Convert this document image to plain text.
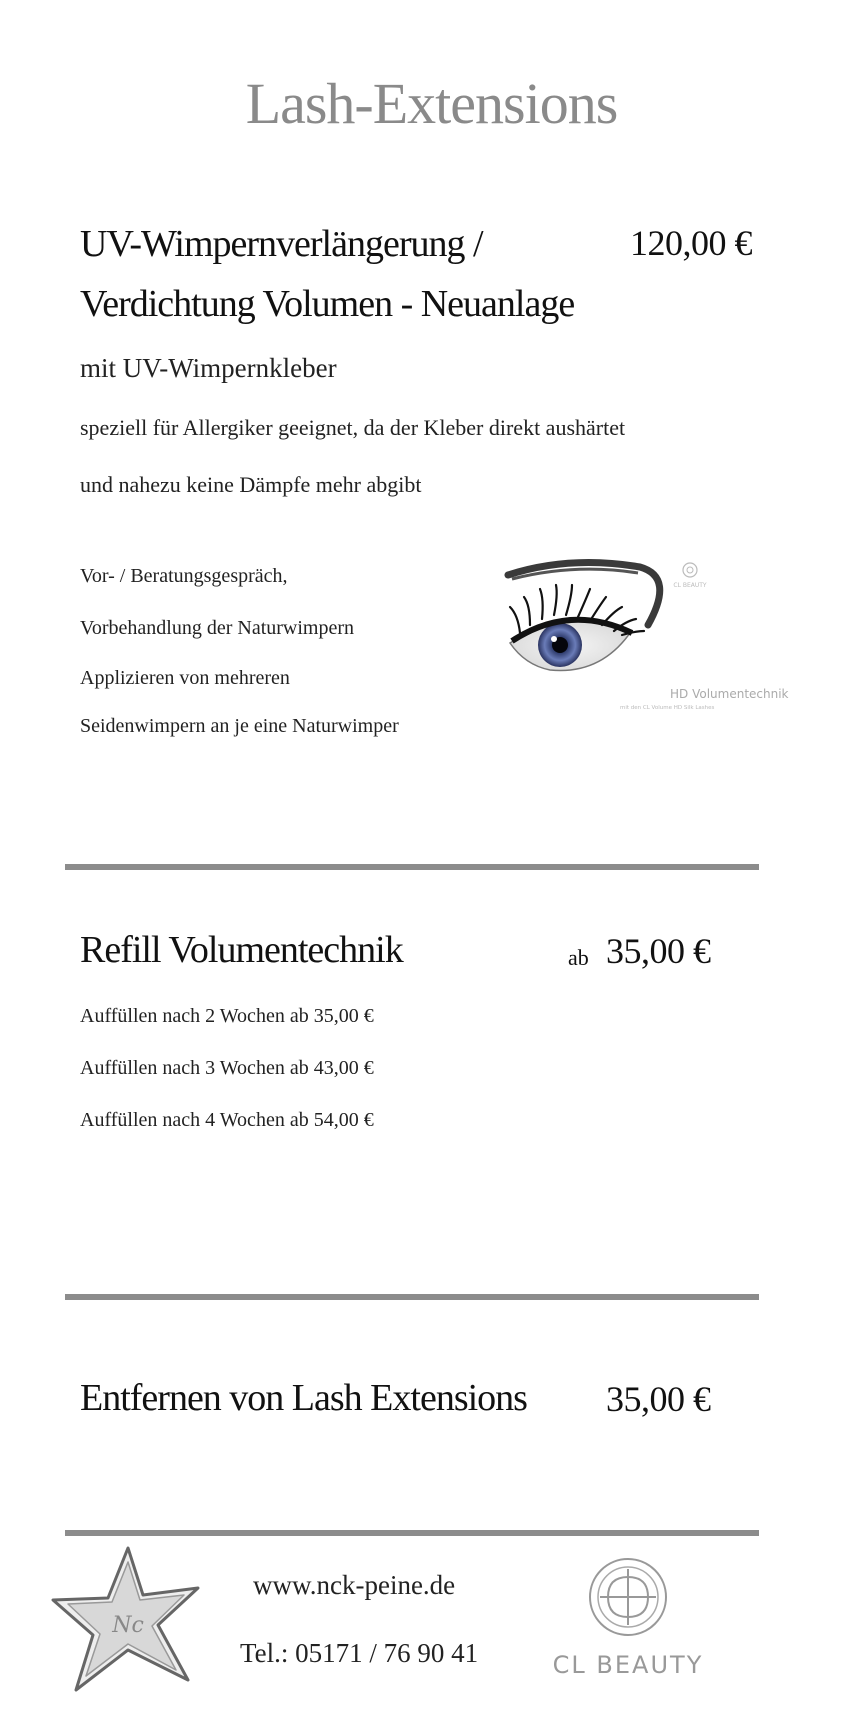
Lash-Extensions
UV-Wimpernverlängerung /	120,00 €
Verdichtung Volumen - Neuanlage
mit UV-Wimpernkleber
speziell für Allergiker geeignet, da der Kleber direkt aushärtet
und nahezu keine Dämpfe mehr abgibt
Vor- / Beratungsgespräch,
Vorbehandlung der Naturwimpern
Applizieren von mehreren
Seidenwimpern an je eine Naturwimper
CL BEAUTY
HD Volumentechnik
mit den CL Volume HD Silk Lashes
Refill Volumentechnik	ab 35,00 €
Auffüllen nach 2 Wochen ab 35,00 €
Auffüllen nach 3 Wochen ab 43,00 €
Auffüllen nach 4 Wochen ab 54,00 €
Entfernen von Lash Extensions 35,00 €
Nc
www.nck-peine.de
Tel.: 05171 / 76 90 41	CL BEAUTY
